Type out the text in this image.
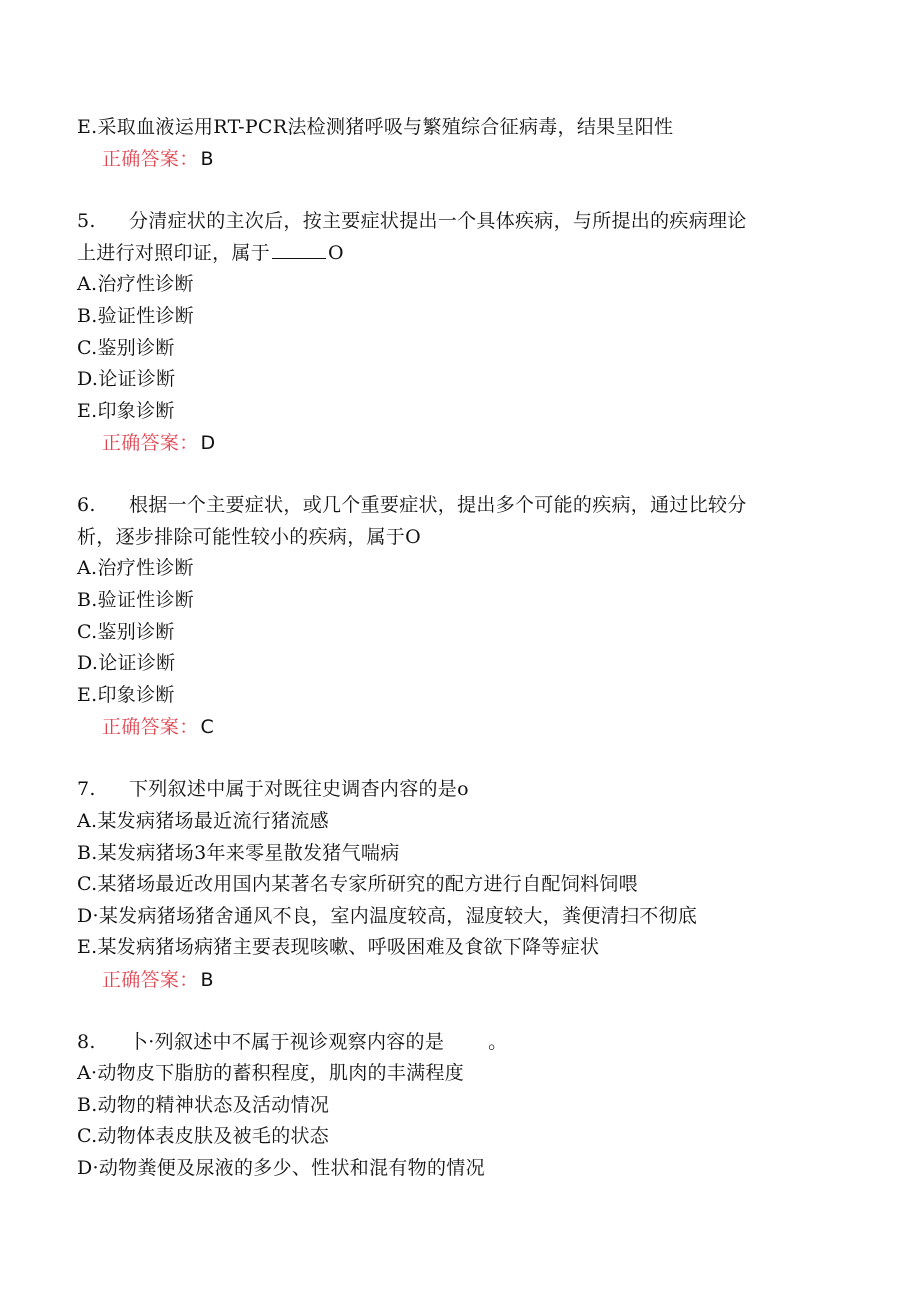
E.采取血液运用RT-PCR法检测猪呼吸与繁殖综合征病毒，结果呈阳性
正确答案： B
5. 分清症状的主次后，按主要症状提出一个具体疾病，与所提出的疾病理论
上进行对照印证，属于	O
A.治疗性诊断
B.验证性诊断
C.鉴别诊断
D.论证诊断
E.印象诊断
正确答案： D
6. 根据一个主要症状，或几个重要症状，提出多个可能的疾病，通过比较分
析，逐步排除可能性较小的疾病，属于O
A.治疗性诊断
B.验证性诊断
C.鉴别诊断
D.论证诊断
E.印象诊断
正确答案： C
7. 下列叙述中属于对既往史调杳内容的是o
A.某发病猪场最近流行猪流感
B.某发病猪场3年来零星散发猪气喘病
C.某猪场最近改用国内某著名专家所研究的配方进行自配饲料饲喂
D·某发病猪场猪舍通风不良，室内温度较高，湿度较大，粪便清扫不彻底
E.某发病猪场病猪主要表现咳嗽、呼吸困难及食欲下降等症状
正确答案： B
8. 卜·列叙述中不属于视诊观察内容的是 。
A·动物皮下脂肪的蓄积程度，肌肉的丰满程度
B.动物的精神状态及活动情况
C.动物体表皮肤及被毛的状态
D·动物粪便及尿液的多少、性状和混有物的情况
